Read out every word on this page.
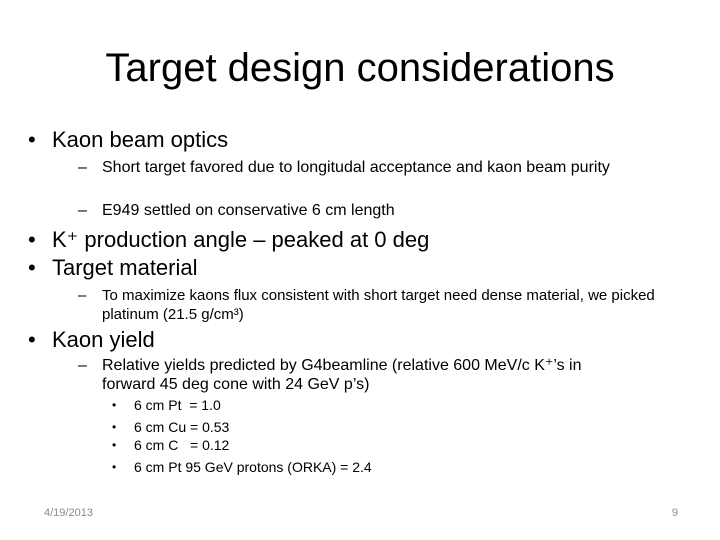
Target design considerations
• Kaon beam optics
– Short target favored due to longitudal acceptance and kaon beam purity
– E949 settled on conservative 6 cm length
• K⁺ production angle – peaked at 0 deg
• Target material
–	To maximize kaons flux consistent with short target need dense material, we picked platinum (21.5 g/cm³)
• Kaon yield
– Relative yields predicted by G4beamline (relative 600 MeV/c K⁺’s in forward 45 deg cone with 24 GeV p’s)
• 6 cm Pt  = 1.0
• 6 cm Cu = 0.53
• 6 cm C   = 0.12
• 6 cm Pt 95 GeV protons (ORKA) = 2.4
4/19/2013	9
